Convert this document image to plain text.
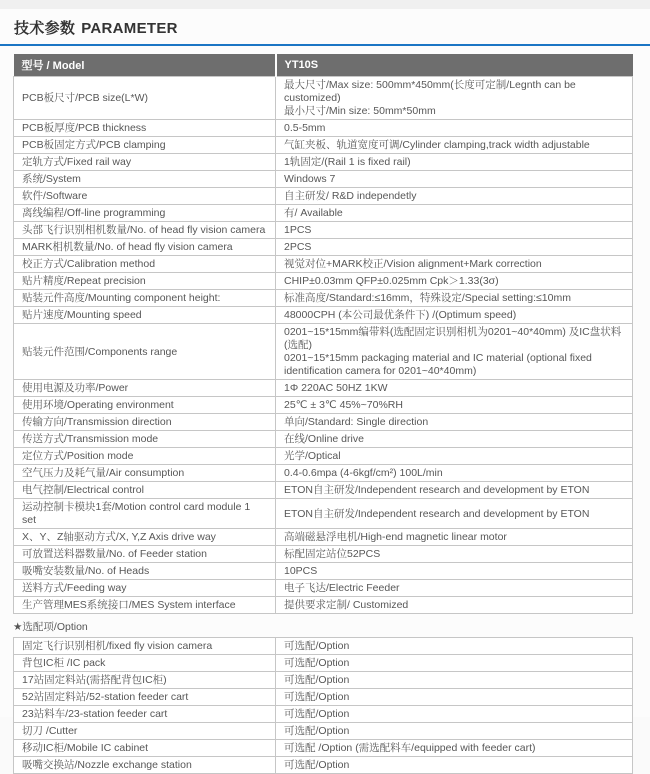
技术参数 PARAMETER
型号 / Model	YT10S
PCB板尺寸/PCB size(L*W)	最大尺寸/Max size: 500mm*450mm(长度可定制/Legnth can be customized)
最小尺寸/Min size: 50mm*50mm

PCB板厚度/PCB thickness	0.5-5mm

PCB板固定方式/PCB clamping	气缸夹板、轨道宽度可调/Cylinder clamping,track width adjustable

定轨方式/Fixed rail way	1轨固定/(Rail 1 is fixed rail)

系统/System	Windows 7

软件/Software	自主研发/ R&D independetly

离线编程/Off-line programming	有/ Available

头部飞行识别相机数量/No. of head fly vision camera	1PCS

MARK相机数量/No. of head fly vision camera	2PCS

校正方式/Calibration method	视觉对位+MARK校正/Vision alignment+Mark correction

贴片精度/Repeat precision	CHIP±0.03mm QFP±0.025mm Cpk＞1.33(3σ)

贴装元件高度/Mounting component height:	标准高度/Standard:≤16mm，特殊设定/Special setting:≤10mm

贴片速度/Mounting speed	48000CPH (本公司最优条件下) /(Optimum speed)

贴装元件范围/Components range	0201~15*15mm编带料(选配固定识别相机为0201~40*40mm) 及IC盘状料(选配)
0201~15*15mm packaging material and IC material (optional fixed
identification camera for 0201~40*40mm)

使用电源及功率/Power	1Φ 220AC 50HZ 1KW

使用环境/Operating environment	25℃ ± 3℃ 45%~70%RH

传输方向/Transmission direction	单向/Standard: Single direction

传送方式/Transmission mode	在线/Online drive

定位方式/Position mode	光学/Optical

空气压力及耗气量/Air consumption	0.4-0.6mpa (4-6kgf/cm²) 100L/min

电气控制/Electrical control	ETON自主研发/Independent research and development by ETON

运动控制卡模块1套/Motion control card module 1 set	ETON自主研发/Independent research and development by ETON

X、Y、Z轴驱动方式/X, Y,Z Axis drive way	高端磁悬浮电机/High-end magnetic linear motor

可放置送料器数量/No. of Feeder station	标配固定站位52PCS

吸嘴安装数量/No. of Heads	10PCS

送料方式/Feeding way	电子飞达/Electric Feeder

生产管理MES系统接口/MES System interface	提供要求定制/ Customized
★选配项/Option
固定飞行识别相机/fixed fly vision camera	可选配/Option

背包IC柜 /IC pack	可选配/Option

17站固定料站(需搭配背包IC柜)	可选配/Option

52站固定料站/52-station feeder cart	可选配/Option

23站料车/23-station feeder cart	可选配/Option

切刀 /Cutter	可选配/Option

移动IC柜/Mobile IC cabinet	可选配 /Option (需选配料车/equipped with feeder cart)

吸嘴交换站/Nozzle exchange station	可选配/Option
